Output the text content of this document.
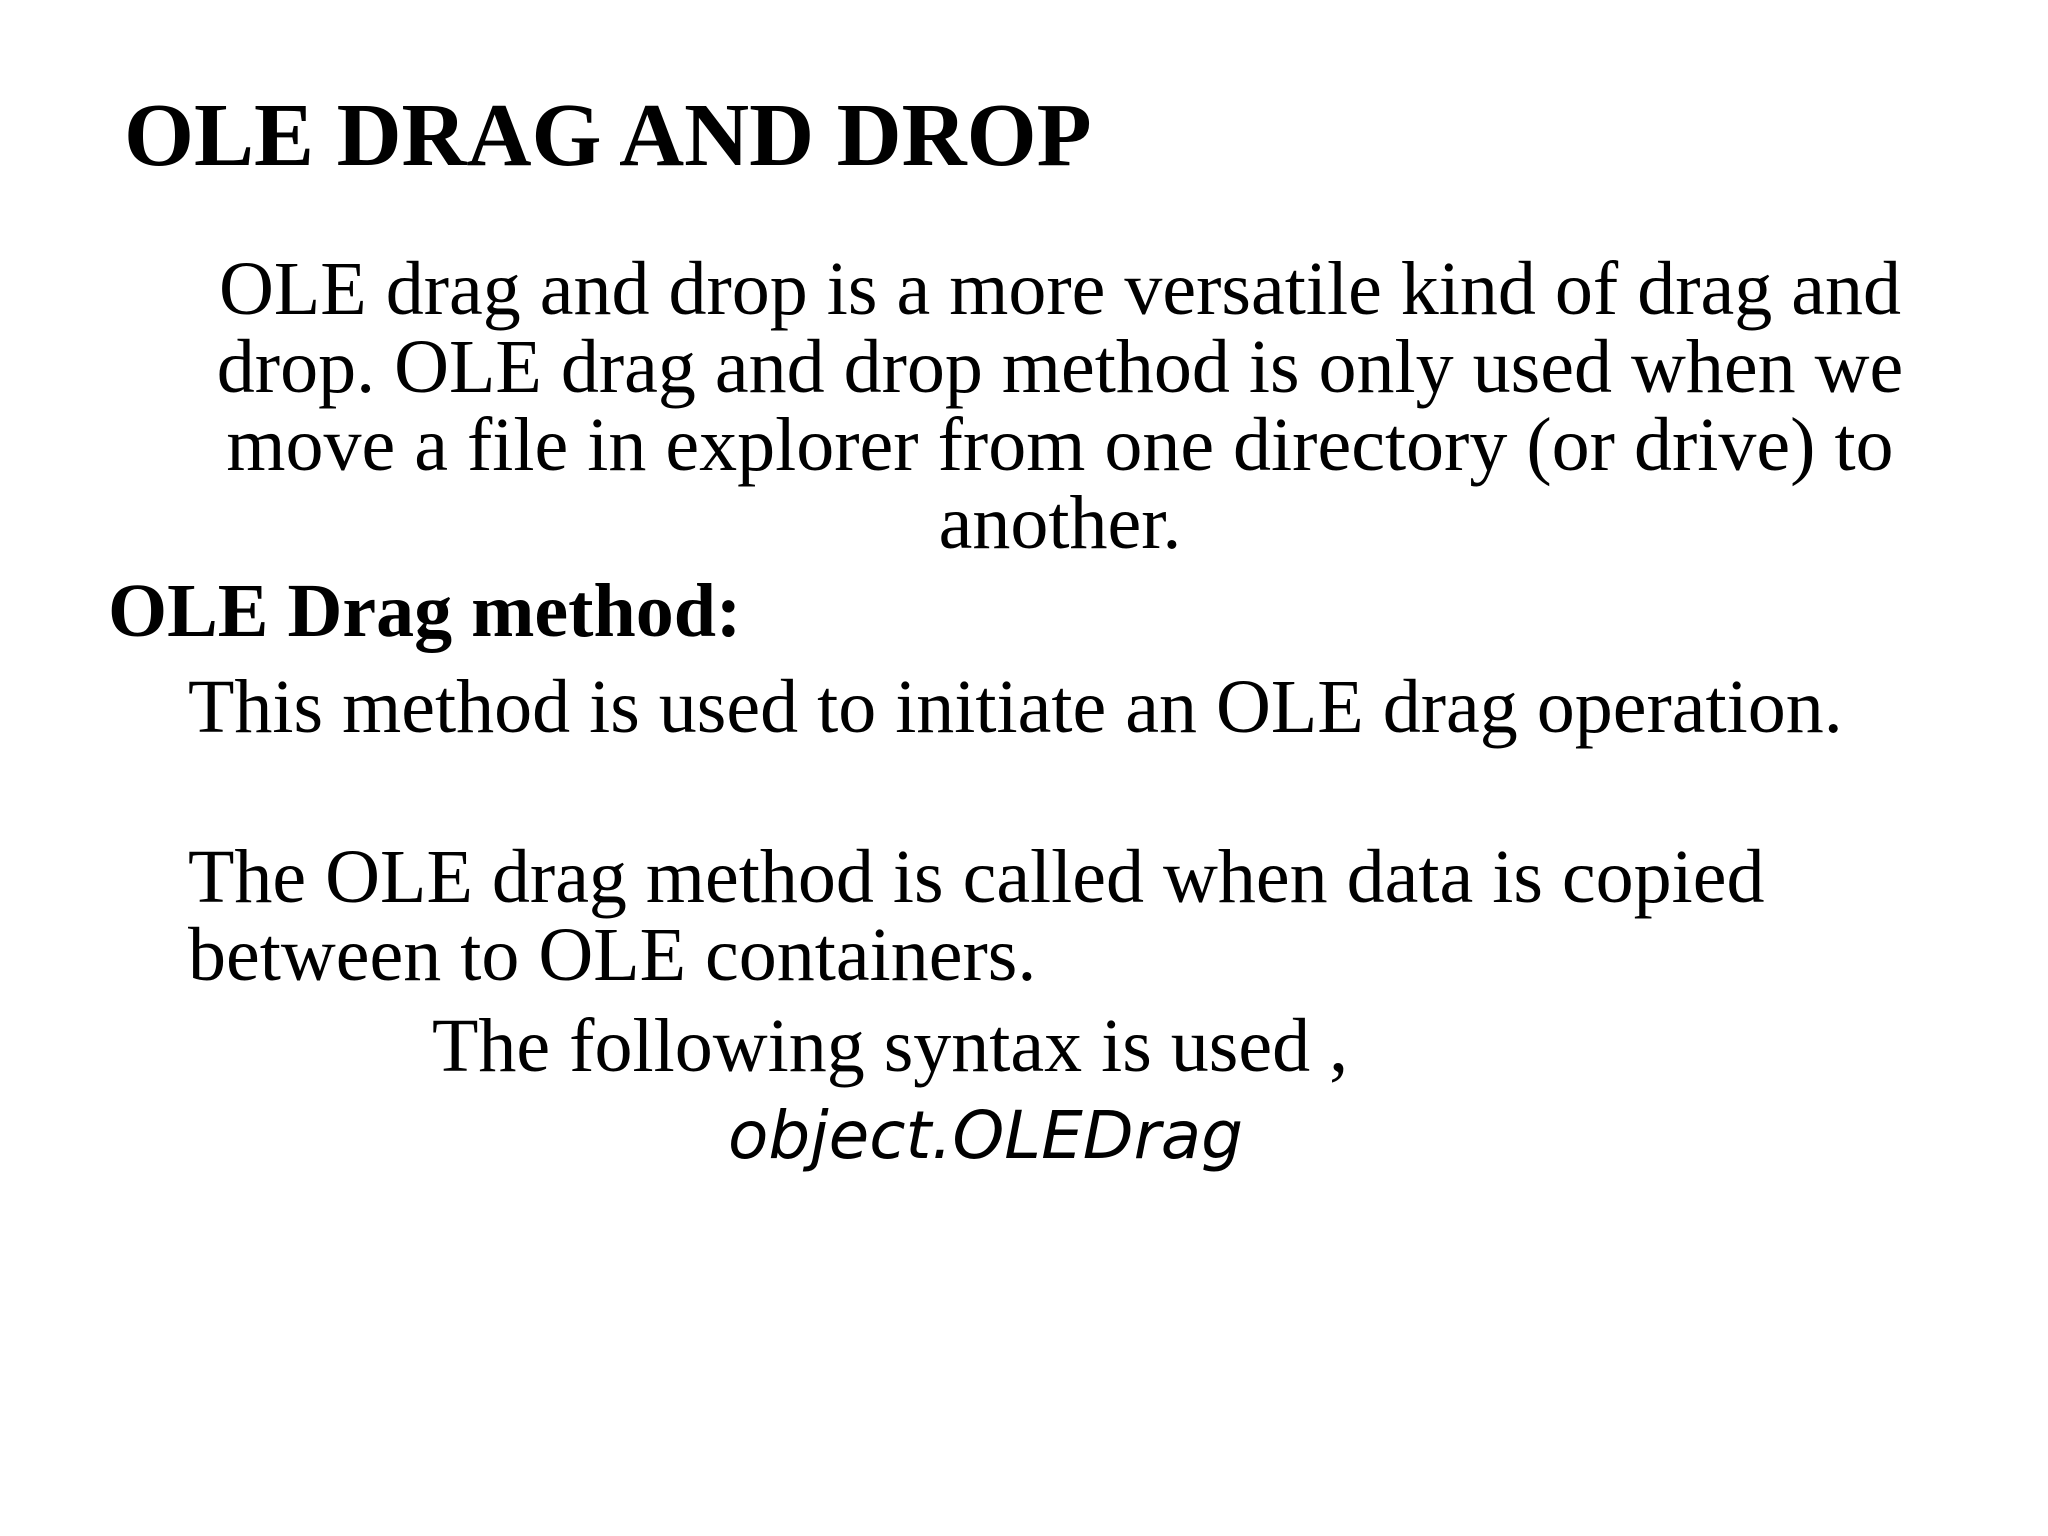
OLE DRAG AND DROP

OLE drag and drop is a more versatile kind of drag and drop. OLE drag and drop method is only used when we move a file in explorer from one directory (or drive) to another.

OLE Drag method:

This method is used to initiate an OLE drag operation.

The OLE drag method is called when data is copied between to OLE containers.

The following syntax is used ,

object.OLEDrag
